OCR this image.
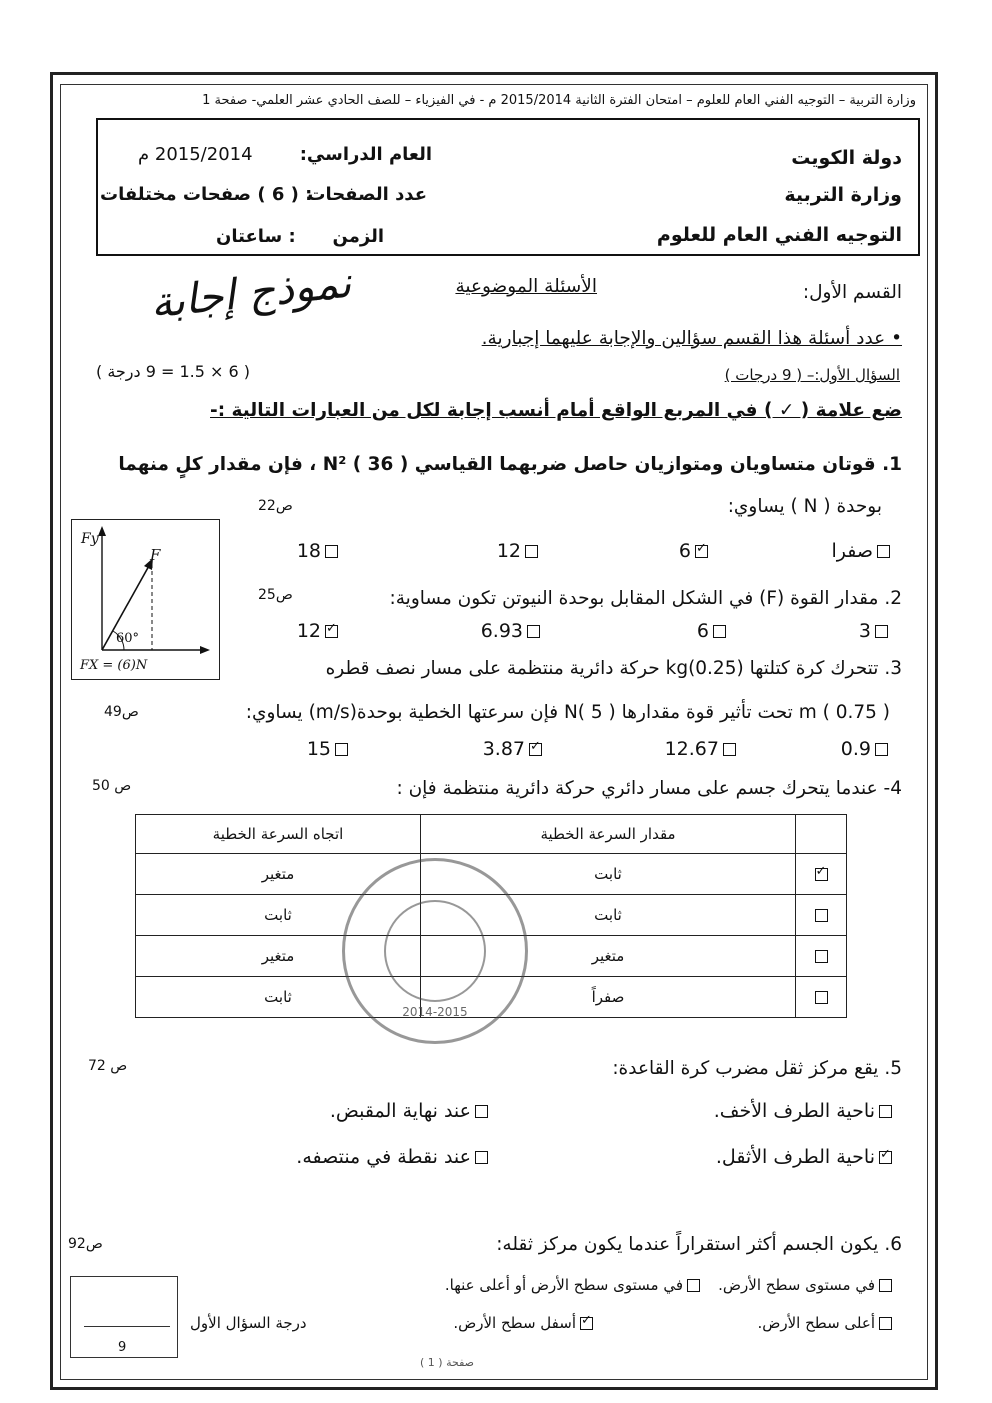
وزارة التربية – التوجيه الفني العام للعلوم – امتحان الفترة الثانية 2015/2014 م - في الفيزياء – للصف الحادي عشر العلمي- صفحة 1
دولة الكويت
وزارة التربية
التوجيه الفني العام للعلوم
العام الدراسي:
2015/2014 م
عدد الصفحات
: ( 6 ) صفحات مختلفات
الزمن
: ساعتان
القسم الأول:
الأسئلة الموضوعية
نموذج إجابة
• عدد أسئلة هذا القسم سؤالين والإجابة عليهما إجبارية.
السؤال الأول:– ( 9 درجات )
( 6 × 1.5 = 9 درجة )
ضع علامة ( ✓ ) في المربع الواقع أمام أنسب إجابة لكل من العبارات التالية :-
1. قوتان متساويان ومتوازيان حاصل ضربهما القياسي N² ( 36 ) ، فإن مقدار كلٍ منهما
بوحدة ( N ) يساوي:
ص22
صفرا
✓6
12
18
Fy
F
60°
FX = (6)N
2. مقدار القوة (F) في الشكل المقابل بوحدة النيوتن تكون مساوية:
ص25
3
6
6.93
✓12
3. تتحرك كرة كتلتها kg(0.25) حركة دائرية منتظمة على مسار نصف قطره
m ( 0.75 ) تحت تأثير قوة مقدارها N( 5 ) فإن سرعتها الخطية بوحدة(m/s) يساوي:
ص49
0.9
12.67
✓3.87
15
4- عندما يتحرك جسم على مسار دائري حركة دائرية منتظمة فإن :
ص 50
	مقدار السرعة الخطية	اتجاه السرعة الخطية
✓	ثابت	متغير
	ثابت	ثابت
	متغير	متغير
	صفراً	ثابت
2014-2015
5. يقع مركز ثقل مضرب كرة القاعدة:
ص 72
ناحية الطرف الأخف.
عند نهاية المقبض.
✓ناحية الطرف الأثقل.
عند نقطة في منتصفه.
6. يكون الجسم أكثر استقراراً عندما يكون مركز ثقله:
ص92
في مستوى سطح الأرض.
في مستوى سطح الأرض أو أعلى عنها.
أعلى سطح الأرض.
✓أسفل سطح الأرض.
9
درجة السؤال الأول
صفحة ( 1 )
